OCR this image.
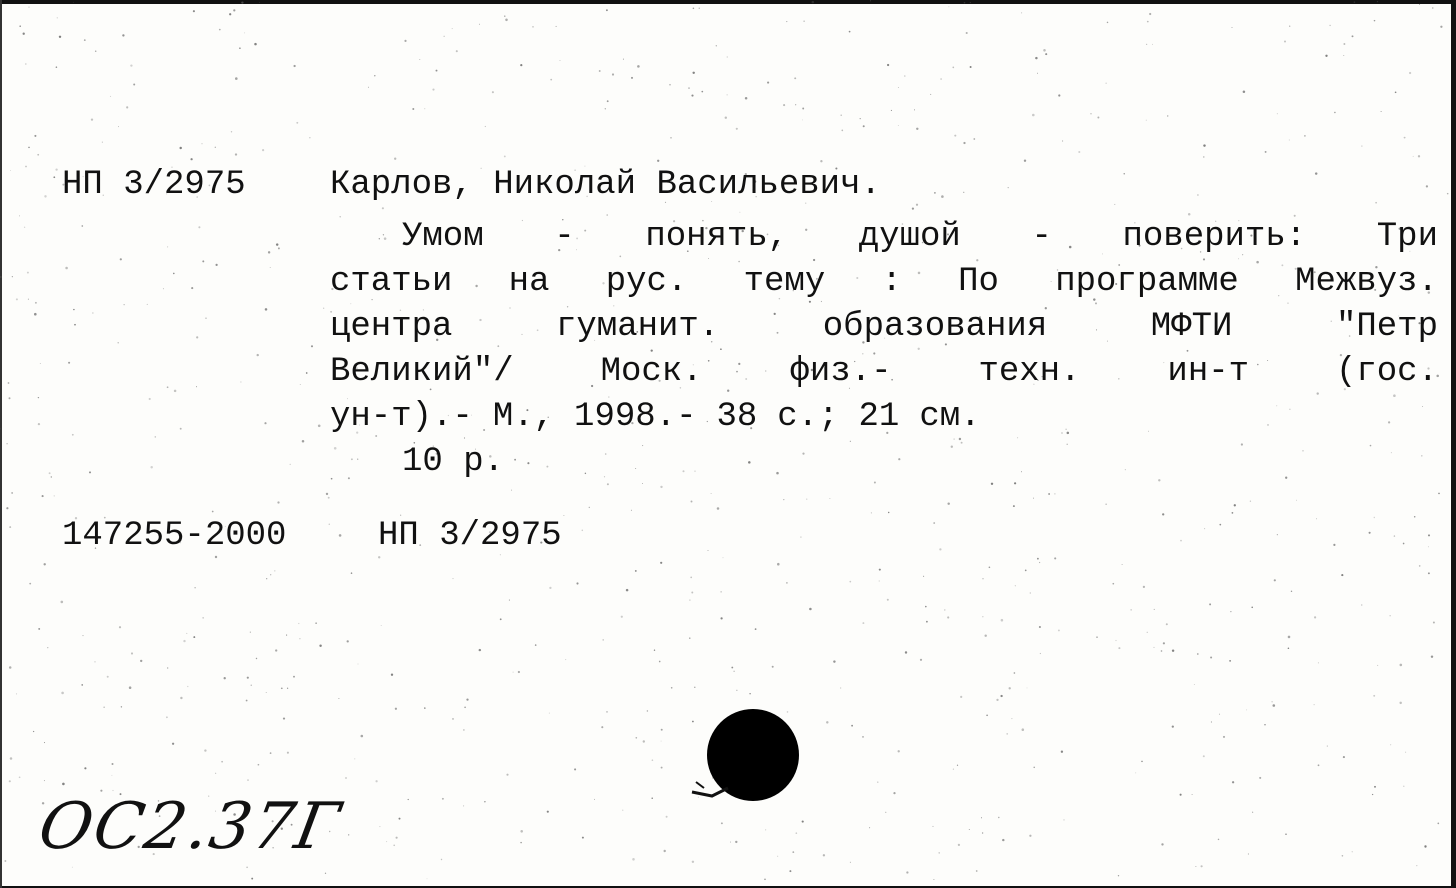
НП 3/2975 Карлов, Николай Васильевич.
Умом - понять, душой - поверить: Три
статьи на рус. тему : По программе Межвуз.
центра	гуманит.	образования	МФТИ	"Петр
Великий"/	Моск.	физ.-	техн.	ин-т	(гос.
ун-т).- М., 1998.- 38 с.; 21 см.
10 р.
147255-2000	НП 3/2975
ОС2.37Г
